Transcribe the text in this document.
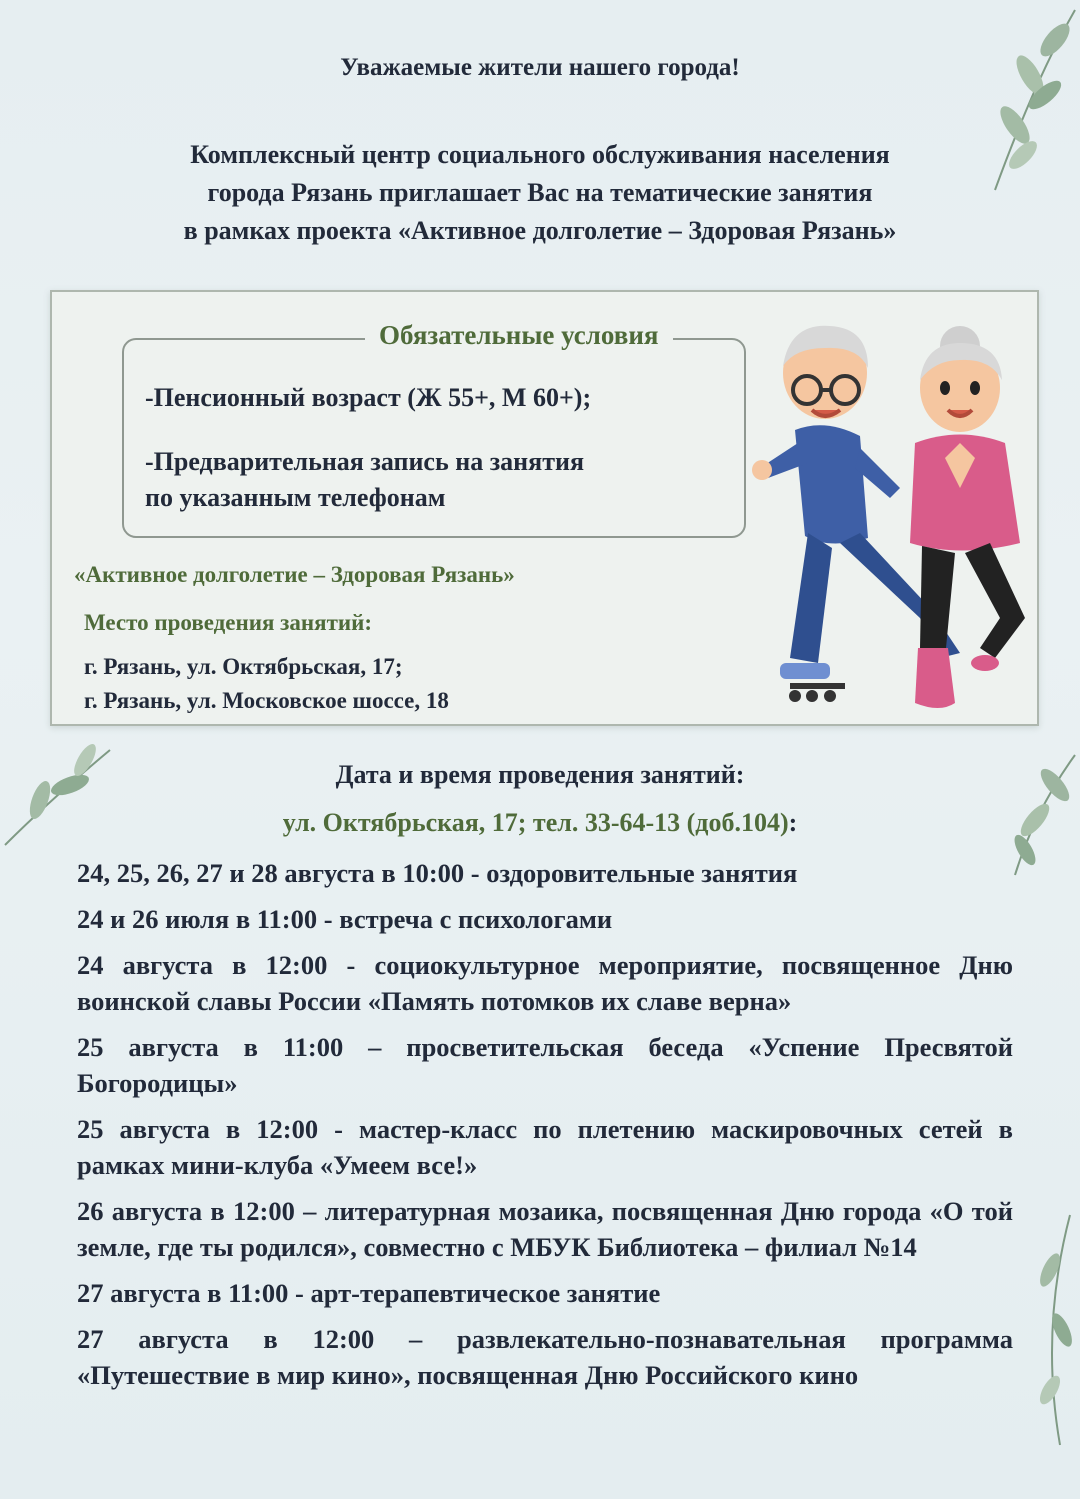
Уважаемые жители нашего города!
Комплексный центр социального обслуживания населения
города Рязань приглашает Вас на тематические занятия
в рамках проекта «Активное долголетие – Здоровая Рязань»
Обязательные условия
-Пенсионный возраст (Ж 55+, М 60+);
-Предварительная запись на занятия
по указанным телефонам
«Активное долголетие – Здоровая Рязань»
Место проведения занятий:
г. Рязань, ул. Октябрьская, 17;
г. Рязань, ул. Московское шоссе, 18
Дата и время проведения занятий:
ул. Октябрьская, 17; тел. 33-64-13 (доб.104):
24, 25, 26, 27 и 28 августа в 10:00 - оздоровительные занятия
24 и 26 июля в 11:00 - встреча с психологами
24 августа в 12:00 - социокультурное мероприятие, посвященное Дню воинской славы России «Память потомков их славе верна»
25 августа в 11:00 – просветительская беседа «Успение Пресвятой Богородицы»
25 августа в 12:00 - мастер-класс по плетению маскировочных сетей в рамках мини-клуба «Умеем все!»
26 августа в 12:00 – литературная мозаика, посвященная Дню города «О той земле, где ты родился», совместно с МБУК Библиотека – филиал №14
27 августа в 11:00 - арт-терапевтическое занятие
27 августа в 12:00 – развлекательно-познавательная программа «Путешествие в мир кино», посвященная Дню Российского кино
